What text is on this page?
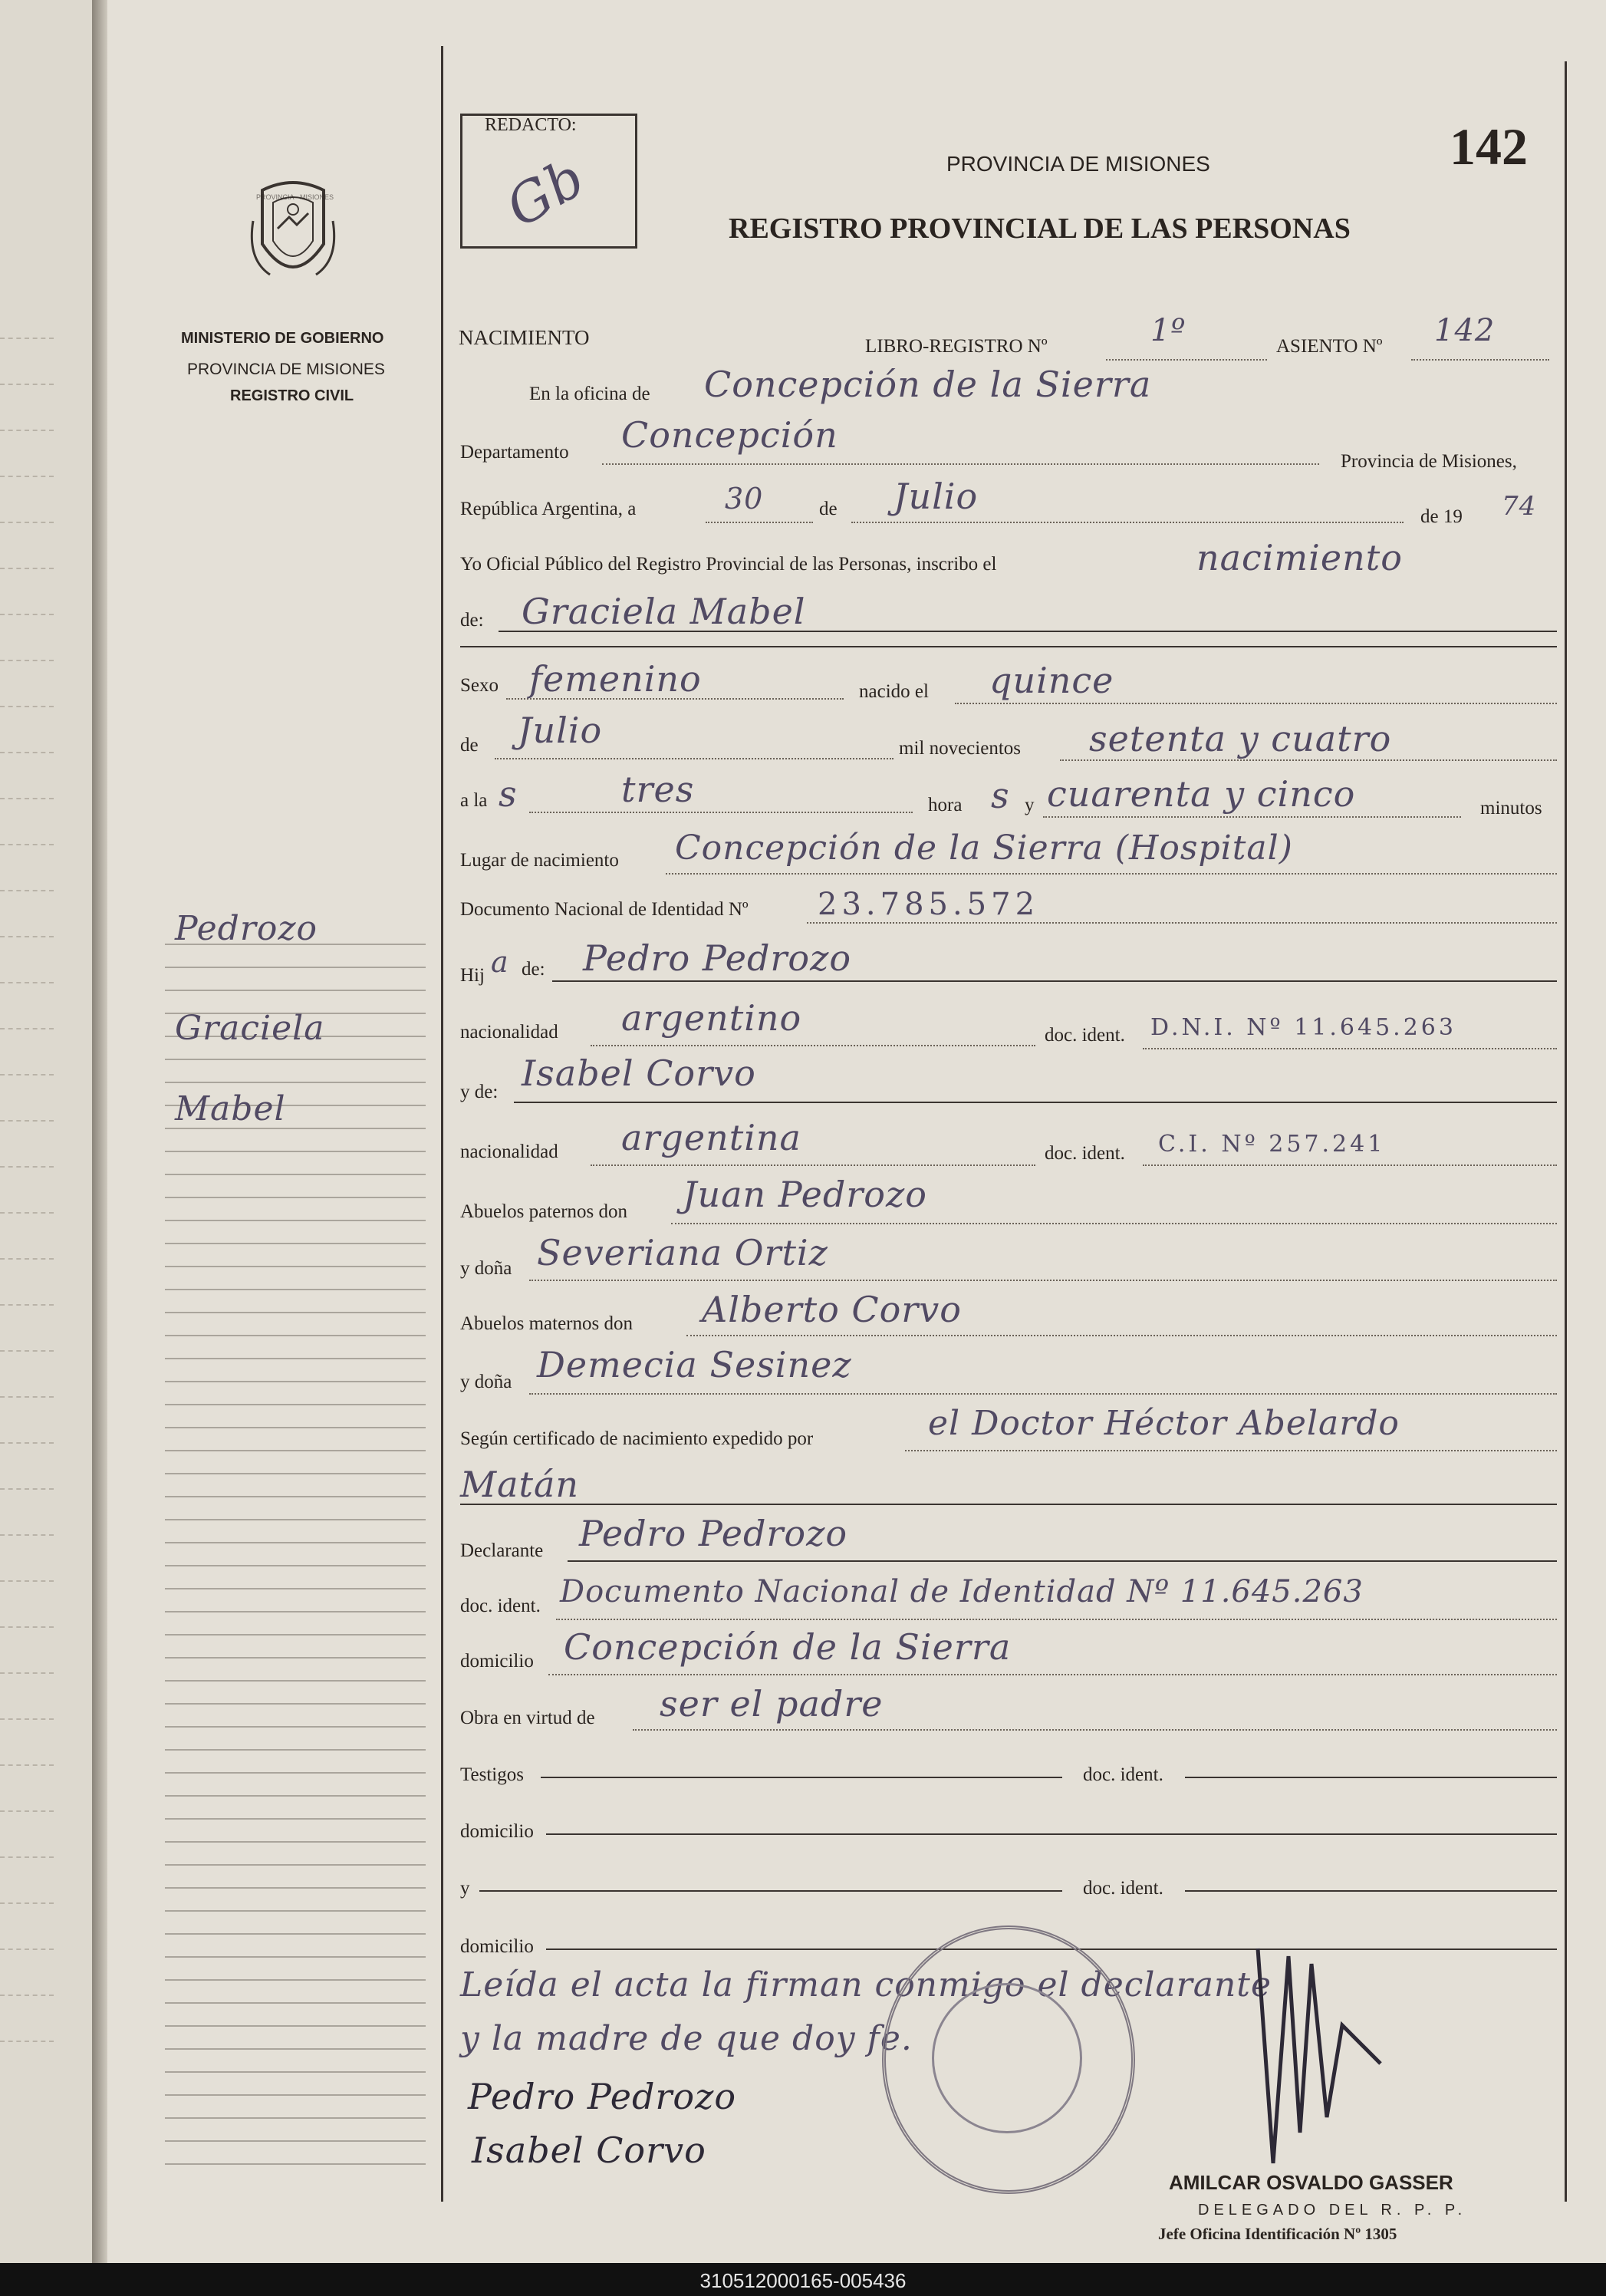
PROVINCIA · MISIONES
MINISTERIO DE GOBIERNO
PROVINCIA DE MISIONES
REGISTRO CIVIL
Pedrozo
Graciela
Mabel
REDACTO:
Gb	PROVINCIA DE MISIONES
REGISTRO PROVINCIAL DE LAS PERSONAS
142
NACIMIENTO	LIBRO-REGISTRO Nº	1º	ASIENTO Nº 142
En la oficina de Concepción de la Sierra
Departamento Concepción
Provincia de Misiones,
República Argentina, a	30	de Julio	de 19 74
Yo Oficial Público del Registro Provincial de las Personas, inscribo el	nacimiento
de: Graciela Mabel
Sexo femenino	nacido el quince
de Julio	mil novecientos setenta y cuatro
a la s	tres	hora s y cuarenta y cinco	minutos
Lugar de nacimiento Concepción de la Sierra (Hospital)
Documento Nacional de Identidad Nº 23.785.572
Hij a de: Pedro Pedrozo
nacionalidad argentino	doc. ident. D.N.I. Nº 11.645.263
y de: Isabel Corvo
nacionalidad argentina	doc. ident. C.I. Nº 257.241
Abuelos paternos don Juan Pedrozo
y doña Severiana Ortiz
Abuelos maternos don Alberto Corvo
y doña Demecia Sesinez
Según certificado de nacimiento expedido por	el Doctor Héctor Abelardo
Matán
Declarante Pedro Pedrozo
doc. ident. Documento Nacional de Identidad Nº 11.645.263
domicilio Concepción de la Sierra
Obra en virtud de ser el padre
Testigos	doc. ident.
domicilio
y	doc. ident.
domicilio
Leída el acta la firman conmigo el declarante
y la madre de que doy fe.
Pedro Pedrozo
Isabel Corvo
AMILCAR OSVALDO GASSER
DELEGADO DEL R. P. P.
Jefe Oficina Identificación Nº 1305
310512000165-005436
